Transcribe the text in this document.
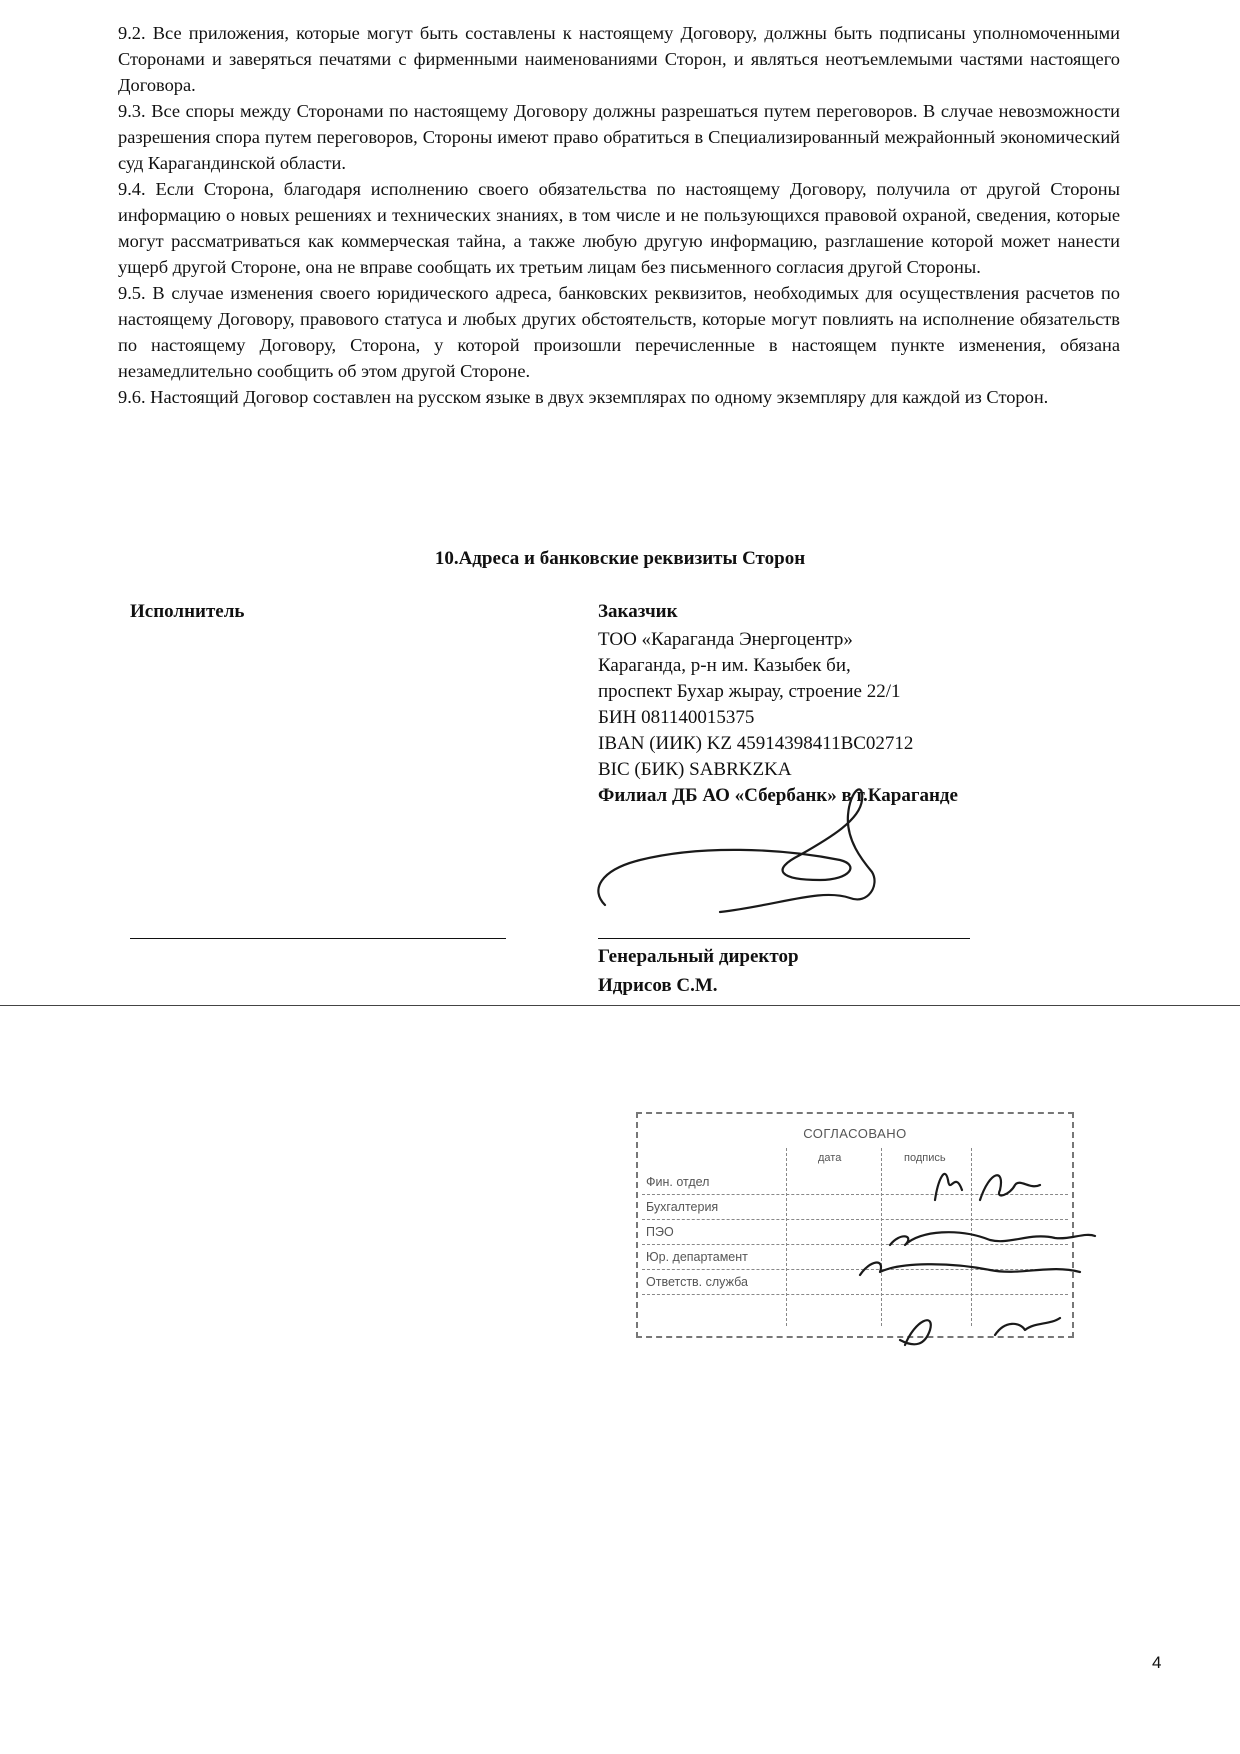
9.2. Все приложения, которые могут быть составлены к настоящему Договору, должны быть подписаны уполномоченными Сторонами и заверяться печатями с фирменными наименованиями Сторон, и являться неотъемлемыми частями настоящего Договора.

9.3. Все споры между Сторонами по настоящему Договору должны разрешаться путем переговоров. В случае невозможности разрешения спора путем переговоров, Стороны имеют право обратиться в Специализированный межрайонный экономический суд Карагандинской области.

9.4. Если Сторона, благодаря исполнению своего обязательства по настоящему Договору, получила от другой Стороны информацию о новых решениях и технических знаниях, в том числе и не пользующихся правовой охраной, сведения, которые могут рассматриваться как коммерческая тайна, а также любую другую информацию, разглашение которой может нанести ущерб другой Стороне, она не вправе сообщать их третьим лицам без письменного согласия другой Стороны.

9.5. В случае изменения своего юридического адреса, банковских реквизитов, необходимых для осуществления расчетов по настоящему Договору, правового статуса и любых других обстоятельств, которые могут повлиять на исполнение обязательств по настоящему Договору, Сторона, у которой произошли перечисленные в настоящем пункте изменения, обязана незамедлительно сообщить об этом другой Стороне.

9.6. Настоящий Договор составлен на русском языке в двух экземплярах по одному экземпляру для каждой из Сторон.

10.Адреса и банковские реквизиты Сторон
Исполнитель	Заказчик
ТОО «Караганда Энергоцентр»
Караганда, р-н им. Казыбек би,
проспект Бухар жырау, строение 22/1
БИН 081140015375
IBAN (ИИК) KZ 45914398411BC02712
BIC (БИК) SABRKZKA
Филиал ДБ АО «Сбербанк» в г.Караганде
Генеральный директор
Идрисов С.М.
СОГЛАСОВАНО
дата	подпись
Фин. отдел
Бухгалтерия
ПЭО
Юр. департамент
Ответств. служба
4
